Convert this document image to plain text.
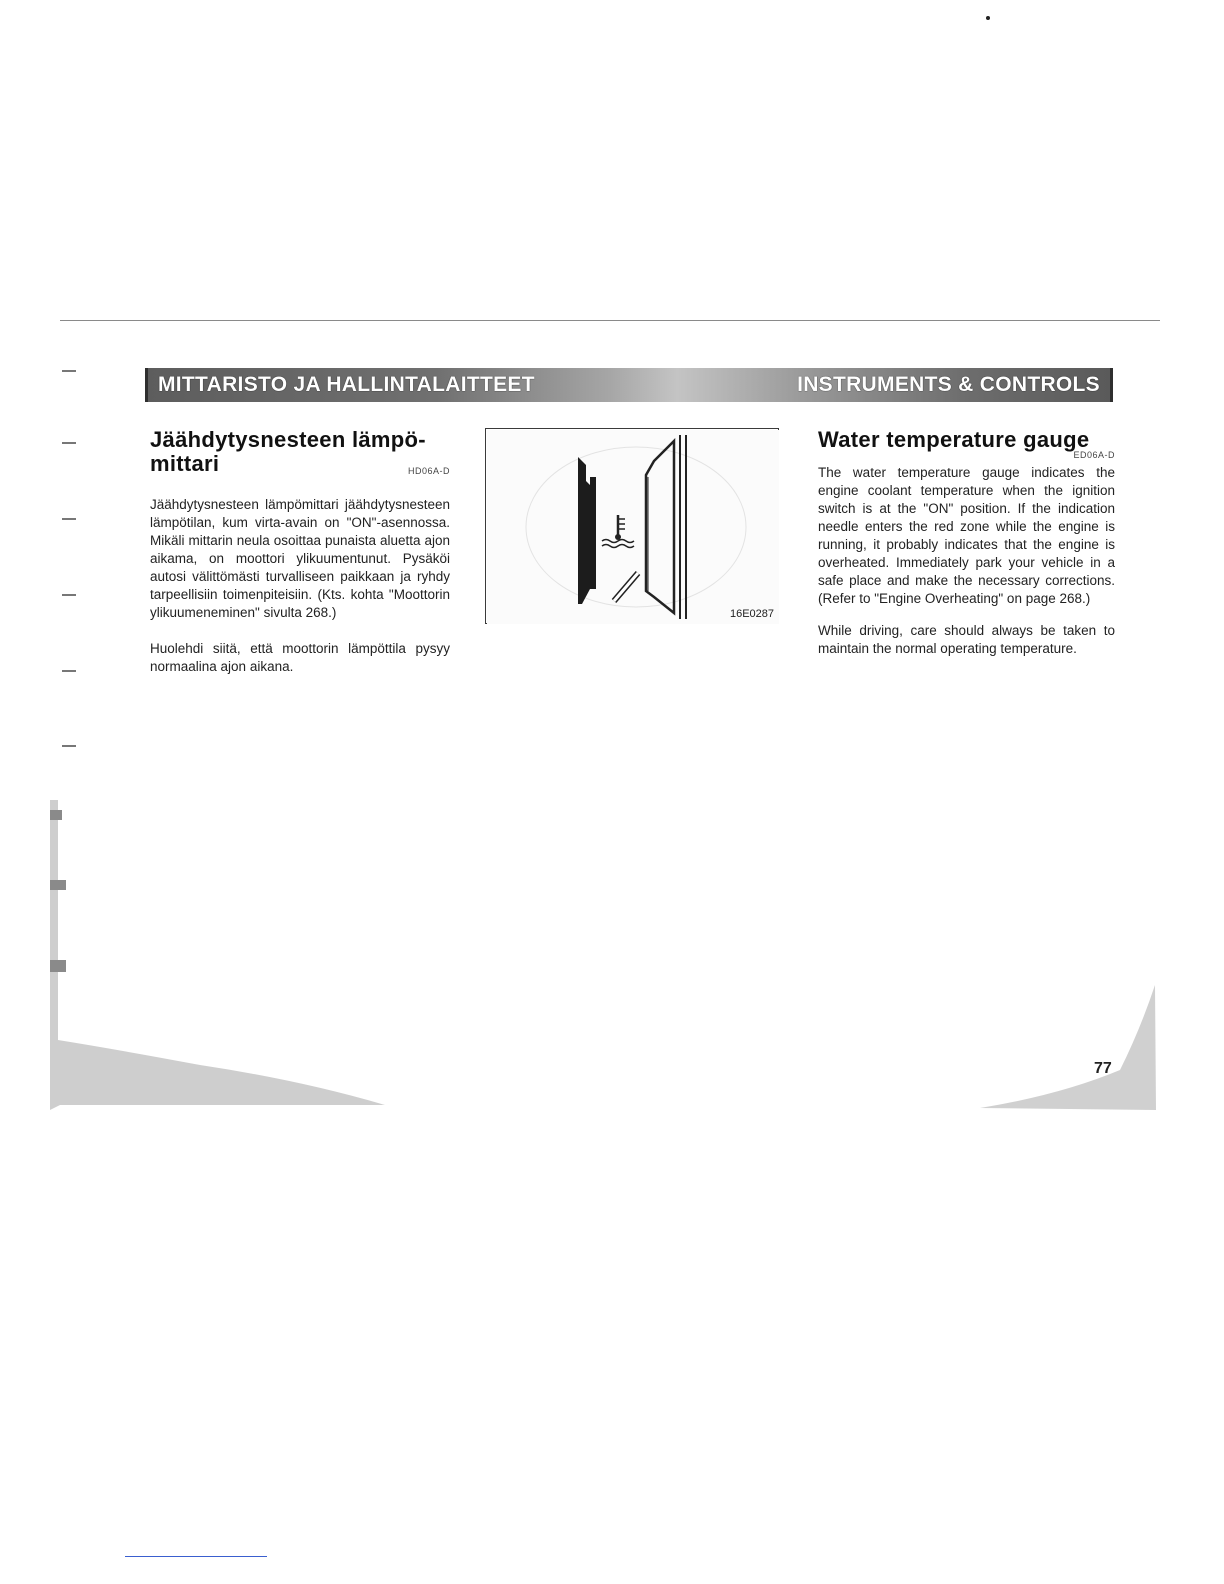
MITTARISTO JA HALLINTALAITTEET	INSTRUMENTS & CONTROLS
Jäähdytysnesteen lämpö-
mittari	HD06A-D

Jäähdytysnesteen lämpömittari jäähdytysnesteen lämpötilan, kum virta-avain on "ON"-asennossa. Mikäli mittarin neula osoittaa punaista aluetta ajon aikama, on moottori ylikuumentunut. Pysäköi autosi välittömästi turvalliseen paikkaan ja ryhdy tarpeellisiin toimenpiteisiin. (Kts. kohta "Moottorin ylikuumeneminen" sivulta 268.)

Huolehdi siitä, että moottorin lämpöttila pysyy normaalina ajon aikana.

16E0287
Water temperature gauge
ED06A-D

The water temperature gauge indicates the engine coolant temperature when the ignition switch is at the "ON" position. If the indication needle enters the red zone while the engine is running, it probably indicates that the engine is overheated. Immediately park your vehicle in a safe place and make the necessary corrections. (Refer to "Engine Overheating" on page 268.)

While driving, care should always be taken to maintain the normal operating temperature.

77
